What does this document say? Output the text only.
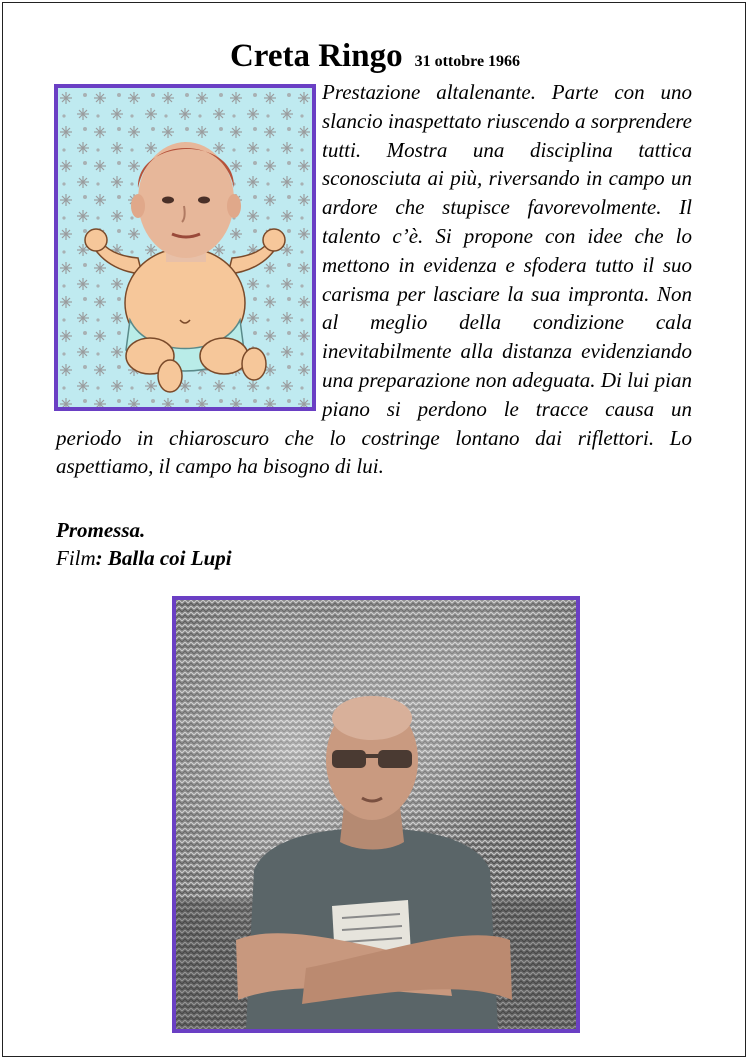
Creta Ringo 31 ottobre 1966

Prestazione altalenante. Parte con uno slancio inaspettato riuscendo a sorprendere tutti. Mostra una disciplina tattica sconosciuta ai più, riversando in campo un ardore che stupisce favorevolmente. Il talento c’è. Si propone con idee che lo mettono in evidenza e sfodera tutto il suo carisma per lasciare la sua impronta. Non al meglio della condizione cala inevitabilmente alla distanza evidenziando una preparazione non adeguata. Di lui pian piano si perdono le tracce causa un periodo in chiaroscuro che lo costringe lontano dai riflettori. Lo aspettiamo, il campo ha bisogno di lui.

Promessa.
Film: Balla coi Lupi
